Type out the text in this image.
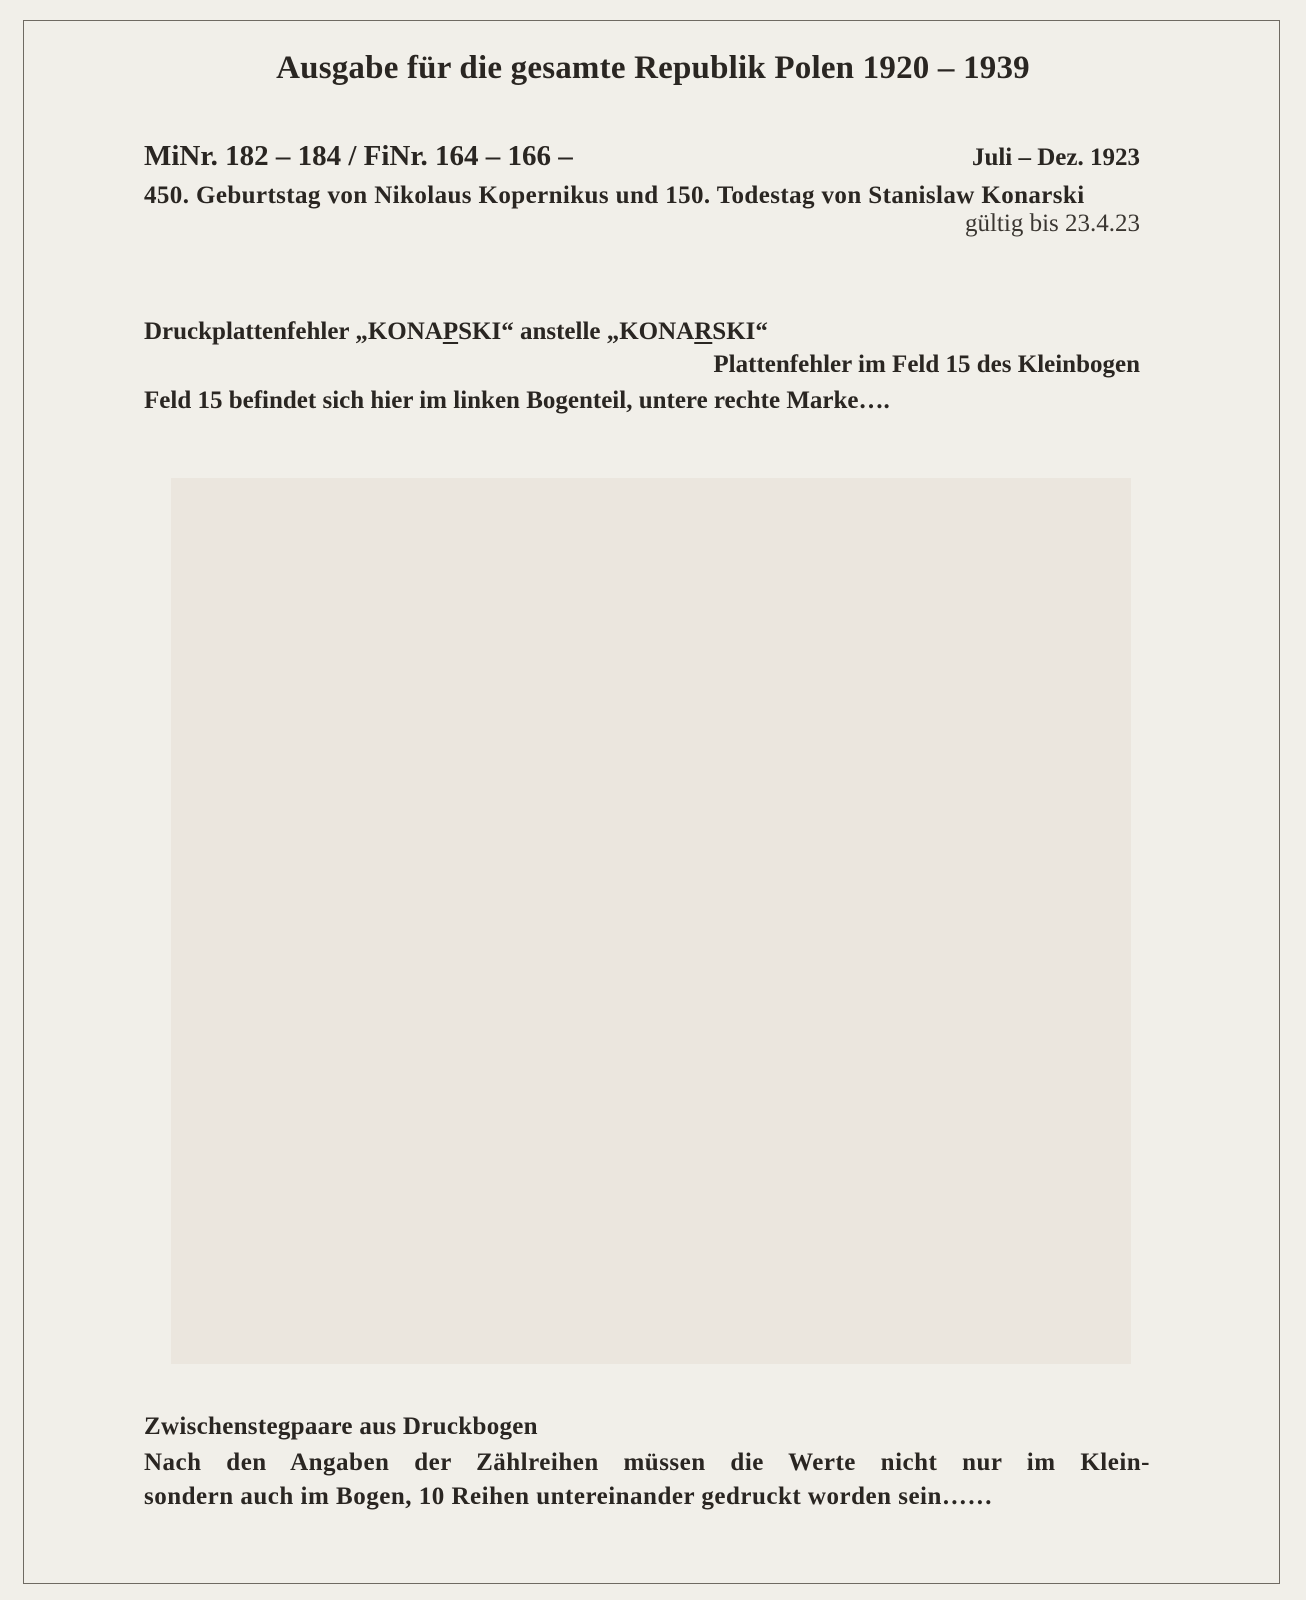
Ausgabe für die gesamte Republik Polen 1920 – 1939
MiNr. 182 – 184 / FiNr. 164 – 166 –	Juli – Dez. 1923
450. Geburtstag von Nikolaus Kopernikus und 150. Todestag von Stanislaw Konarski
gültig bis 23.4.23
Druckplattenfehler „KONAPSKI“ anstelle „KONARSKI“
Plattenfehler im Feld 15 des Kleinbogen
Feld 15 befindet sich hier im linken Bogenteil, untere rechte Marke….
Zwischenstegpaare aus Druckbogen
Nach den Angaben der Zählreihen müssen die Werte nicht nur im Klein-
sondern auch im Bogen, 10 Reihen untereinander gedruckt worden sein……
